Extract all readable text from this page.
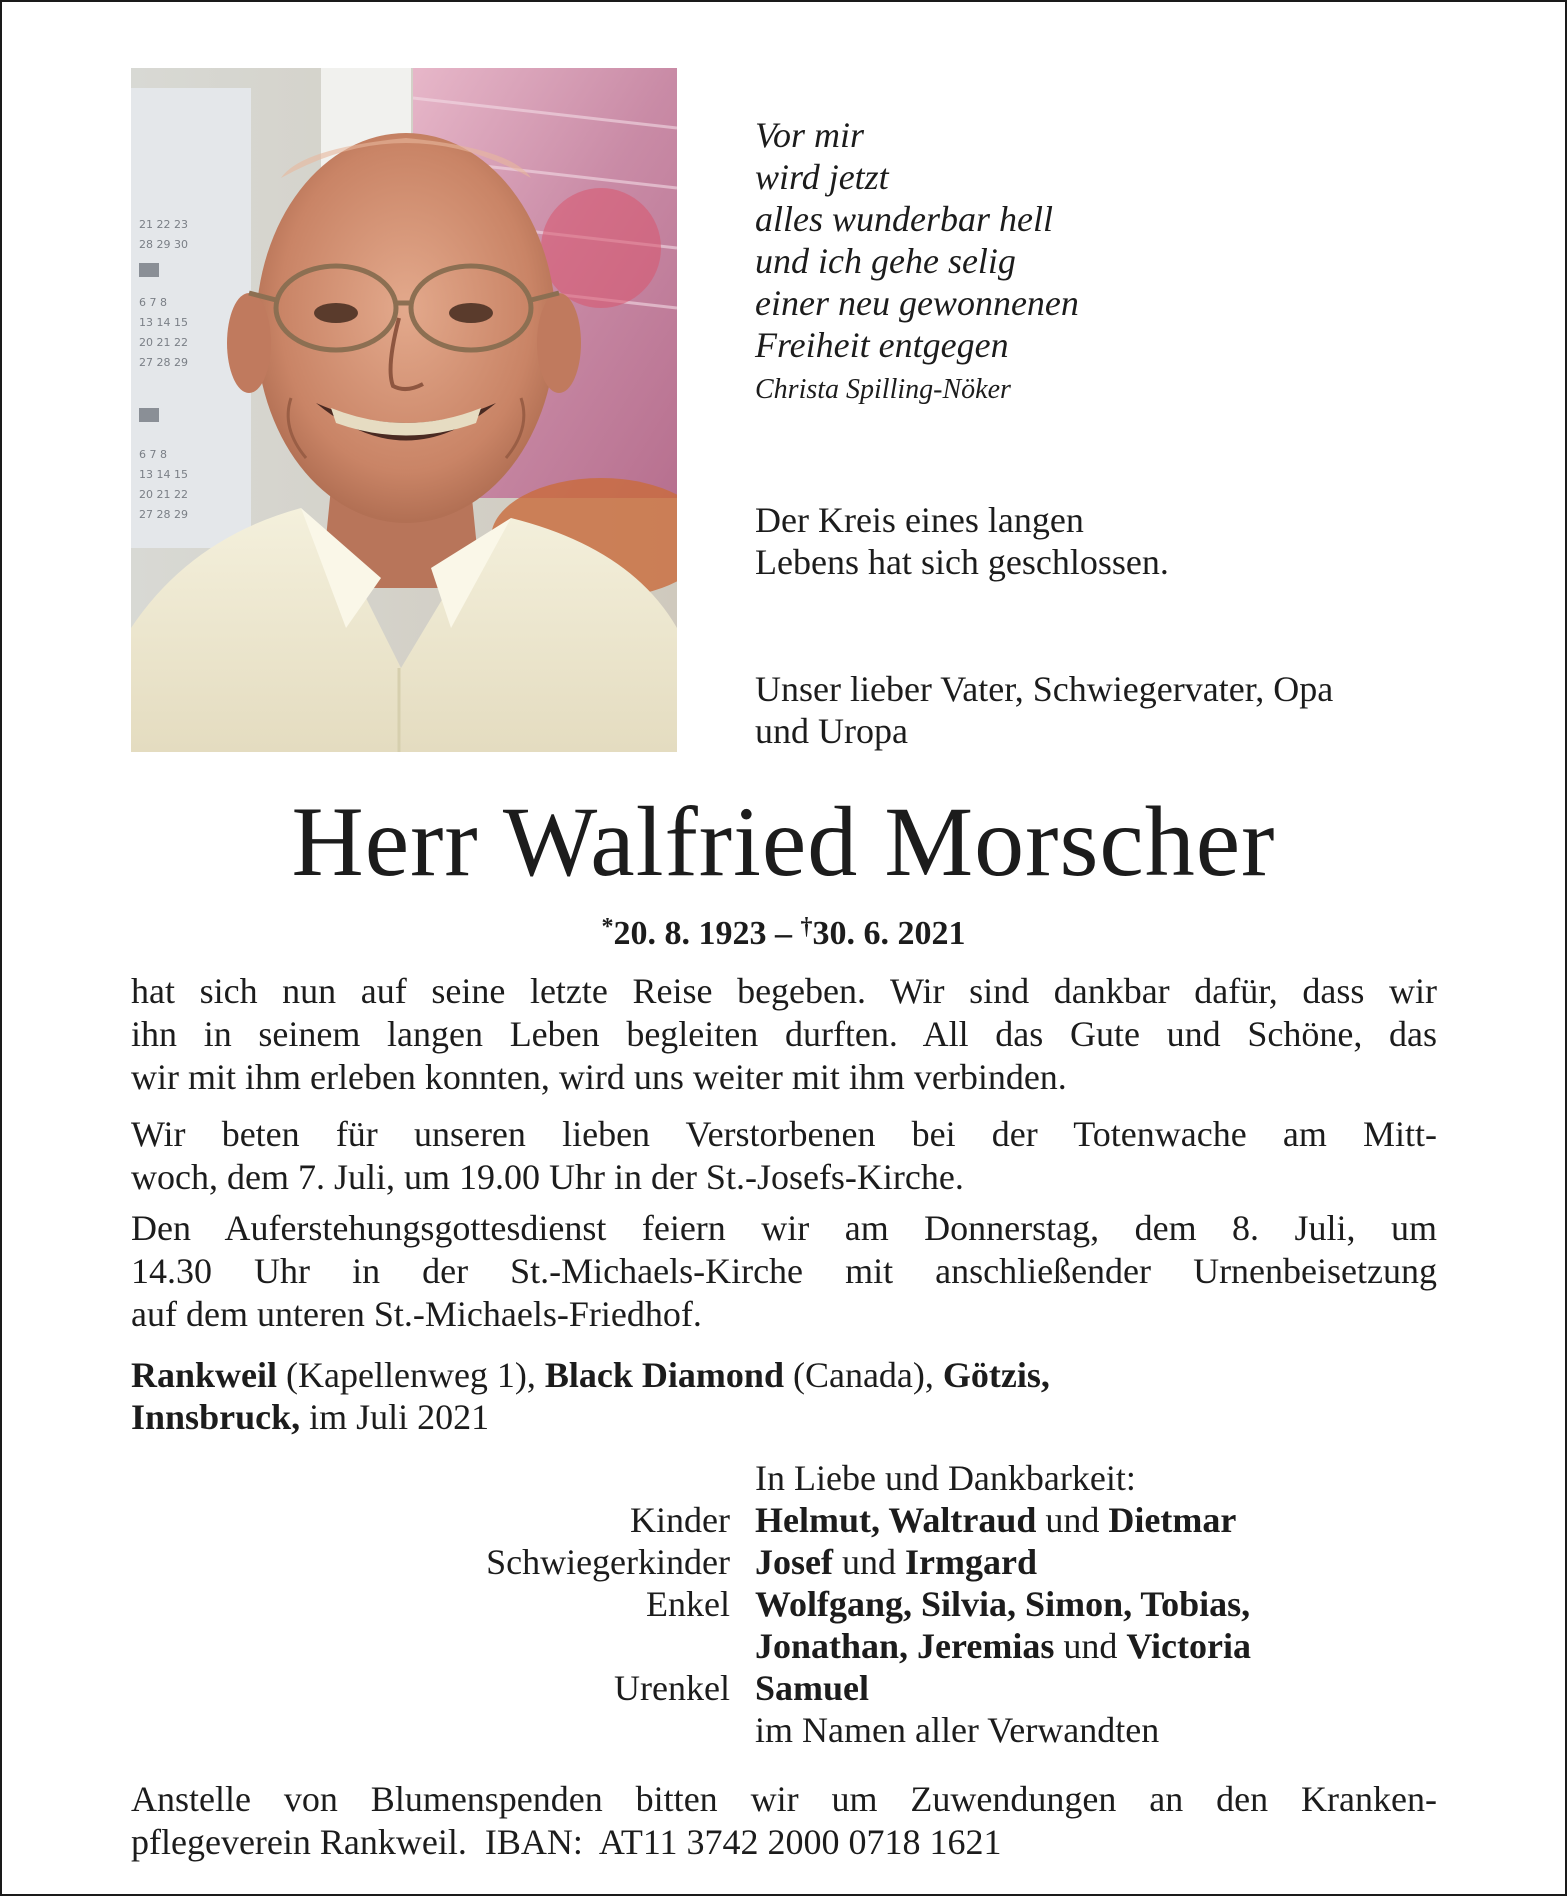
21 22 23
28 29 30
6 7 8
13 14 15
20 21 22
27 28 29
6 7 8
13 14 15
20 21 22
27 28 29
Vor mir
wird jetzt
alles wunderbar hell
und ich gehe selig
einer neu gewonnenen
Freiheit entgegen
Christa Spilling-Nöker
Der Kreis eines langen
Lebens hat sich geschlossen.
Unser lieber Vater, Schwiegervater, Opa
und Uropa
Herr Walfried Morscher
*20. 8. 1923 – †30. 6. 2021
hat sich nun auf seine letzte Reise begeben. Wir sind dankbar dafür, dass wir
ihn in seinem langen Leben begleiten durften. All das Gute und Schöne, das
wir mit ihm erleben konnten, wird uns weiter mit ihm verbinden.
Wir beten für unseren lieben Verstorbenen bei der Totenwache am Mitt-
woch, dem 7. Juli, um 19.00 Uhr in der St.-Josefs-Kirche.
Den Auferstehungsgottesdienst feiern wir am Donnerstag, dem 8. Juli, um
14.30 Uhr in der St.-Michaels-Kirche mit anschließender Urnenbeisetzung
auf dem unteren St.-Michaels-Friedhof.
Rankweil (Kapellenweg 1), Black Diamond (Canada), Götzis,
Innsbruck, im Juli 2021
In Liebe und Dankbarkeit:
Kinder Helmut, Waltraud und Dietmar
Schwiegerkinder Josef und Irmgard
Enkel Wolfgang, Silvia, Simon, Tobias,
Jonathan, Jeremias und Victoria
Urenkel Samuel
im Namen aller Verwandten
Anstelle von Blumenspenden bitten wir um Zuwendungen an den Kranken-
pflegeverein Rankweil.  IBAN:  AT11 3742 2000 0718 1621
